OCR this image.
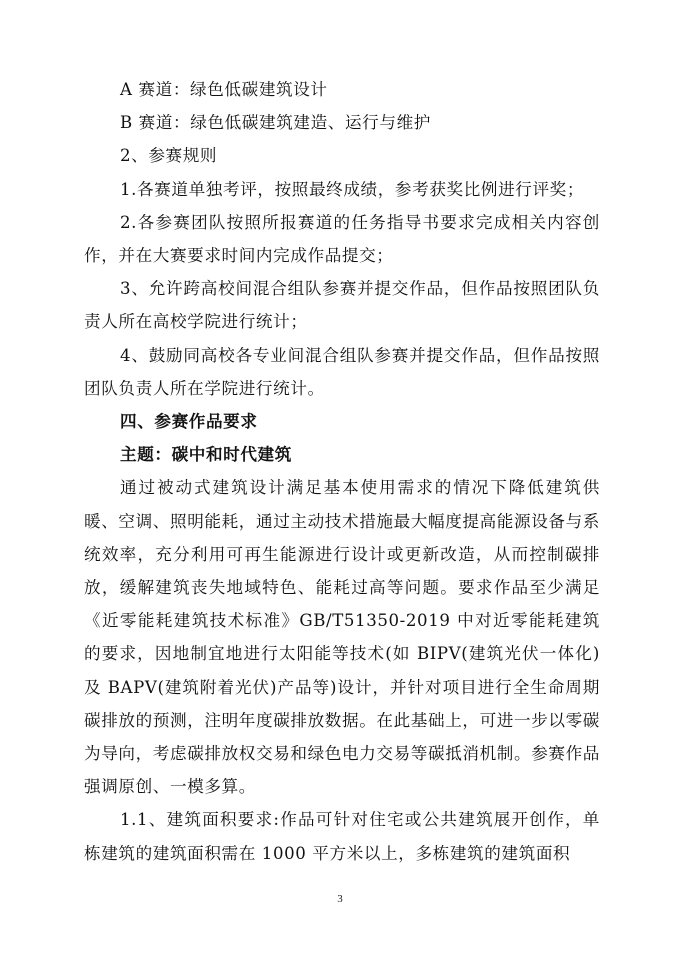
A 赛道：绿色低碳建筑设计

B 赛道：绿色低碳建筑建造、运行与维护

2、参赛规则

1.各赛道单独考评，按照最终成绩，参考获奖比例进行评奖；

2.各参赛团队按照所报赛道的任务指导书要求完成相关内容创作，并在大赛要求时间内完成作品提交；

3、允许跨高校间混合组队参赛并提交作品，但作品按照团队负责人所在高校学院进行统计；

4、鼓励同高校各专业间混合组队参赛并提交作品，但作品按照团队负责人所在学院进行统计。

四、参赛作品要求

主题：碳中和时代建筑

通过被动式建筑设计满足基本使用需求的情况下降低建筑供暖、空调、照明能耗，通过主动技术措施最大幅度提高能源设备与系统效率，充分利用可再生能源进行设计或更新改造，从而控制碳排放，缓解建筑丧失地域特色、能耗过高等问题。要求作品至少满足《近零能耗建筑技术标准》GB/T51350-2019 中对近零能耗建筑的要求，因地制宜地进行太阳能等技术(如 BIPV(建筑光伏一体化)及 BAPV(建筑附着光伏)产品等)设计，并针对项目进行全生命周期碳排放的预测，注明年度碳排放数据。在此基础上，可进一步以零碳为导向，考虑碳排放权交易和绿色电力交易等碳抵消机制。参赛作品强调原创、一模多算。

1.1、建筑面积要求:作品可针对住宅或公共建筑展开创作，单栋建筑的建筑面积需在 1000 平方米以上，多栋建筑的建筑面积

3
